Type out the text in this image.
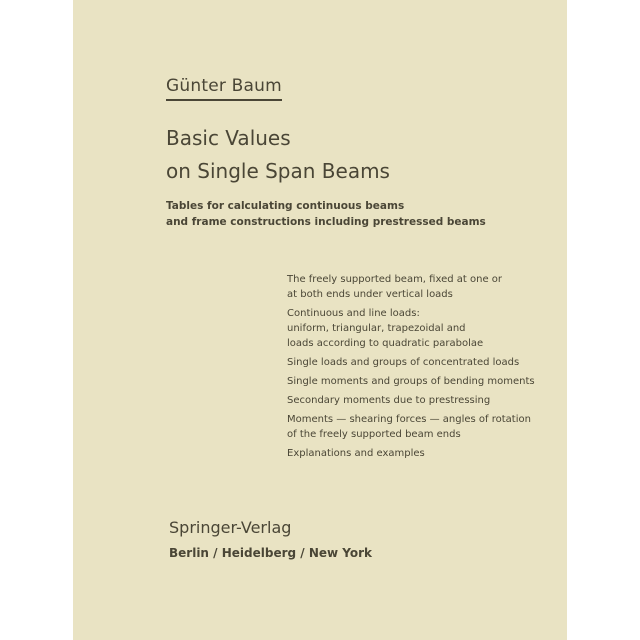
Günter Baum
Basic Values
on Single Span Beams
Tables for calculating continuous beams
and frame constructions including prestressed beams
The freely supported beam, fixed at one or
at both ends under vertical loads
Continuous and line loads:
uniform, triangular, trapezoidal and
loads according to quadratic parabolae
Single loads and groups of concentrated loads
Single moments and groups of bending moments
Secondary moments due to prestressing
Moments — shearing forces — angles of rotation
of the freely supported beam ends
Explanations and examples
Springer-Verlag
Berlin / Heidelberg / New York
